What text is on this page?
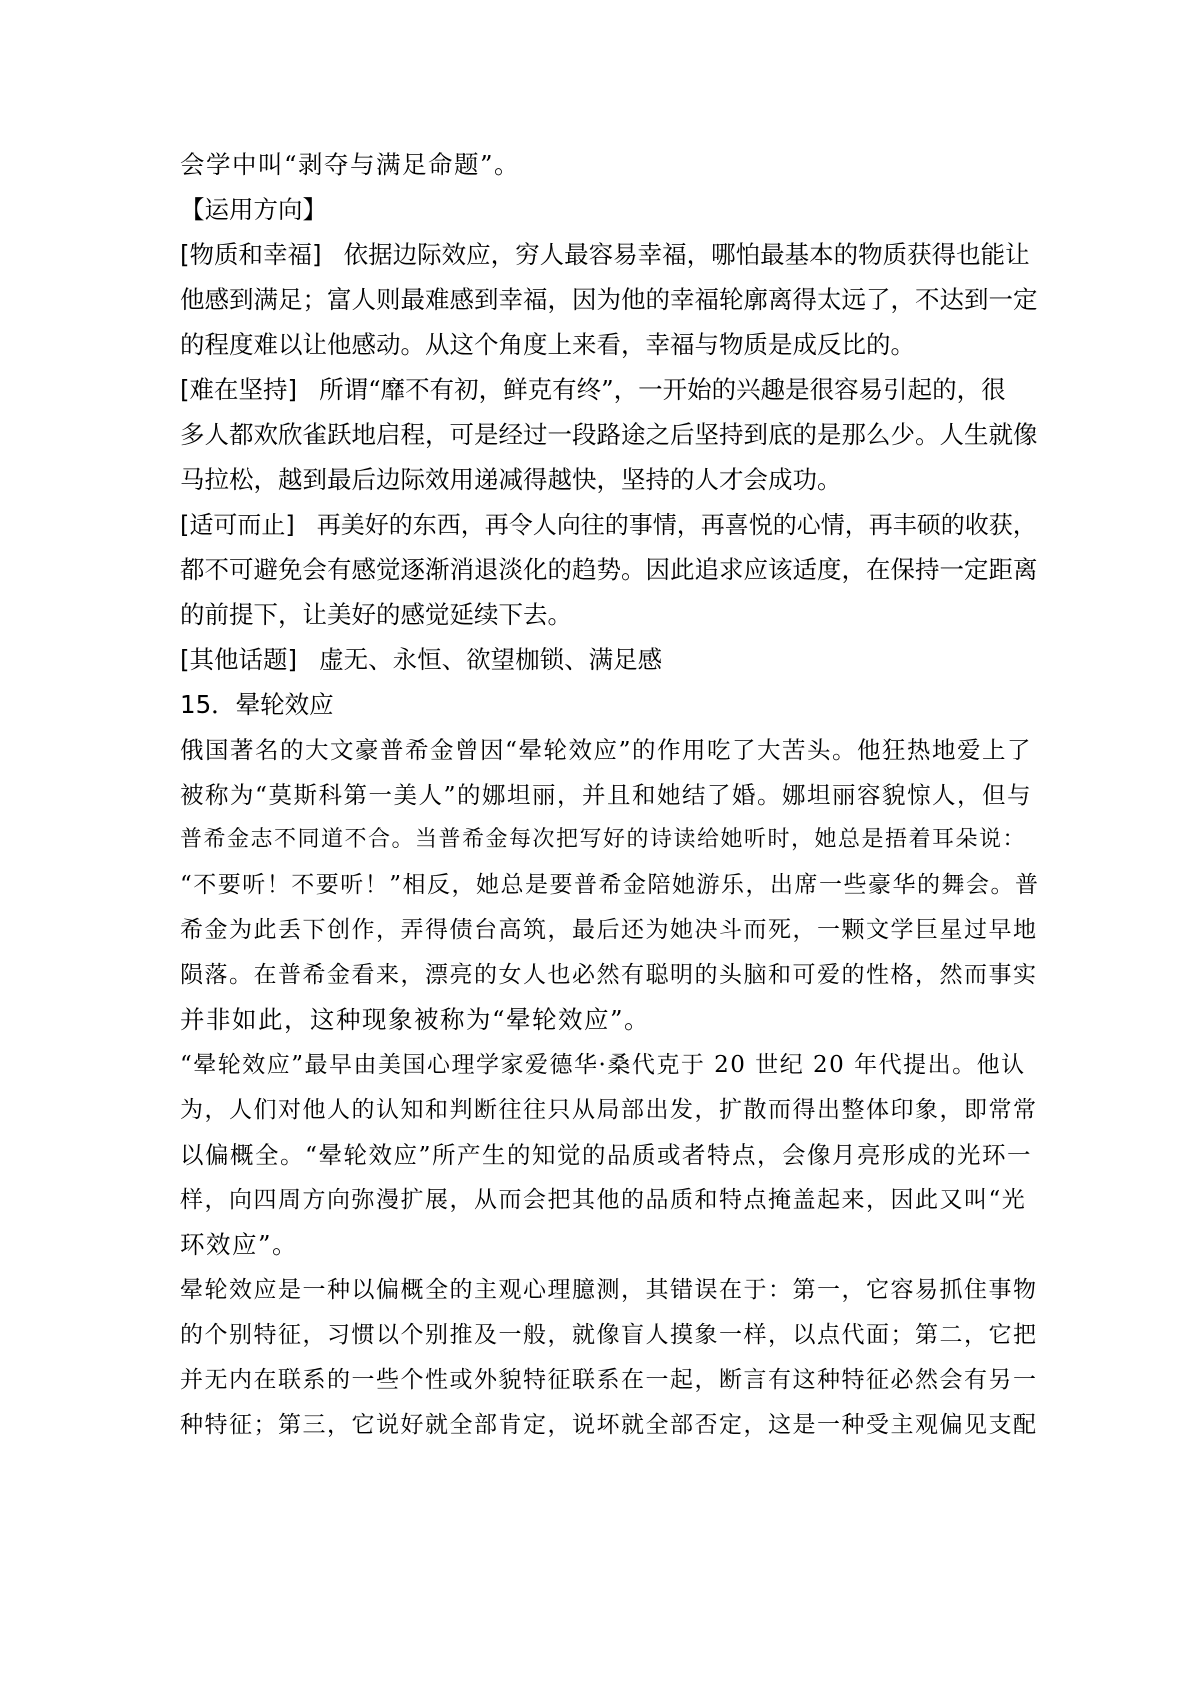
会学中叫“剥夺与满足命题”。
【运用方向】
[物质和幸福] 依据边际效应，穷人最容易幸福，哪怕最基本的物质获得也能让
他感到满足；富人则最难感到幸福，因为他的幸福轮廓离得太远了，不达到一定
的程度难以让他感动。从这个角度上来看，幸福与物质是成反比的。
[难在坚持] 所谓“靡不有初，鲜克有终”，一开始的兴趣是很容易引起的，很
多人都欢欣雀跃地启程，可是经过一段路途之后坚持到底的是那么少。人生就像
马拉松，越到最后边际效用递减得越快，坚持的人才会成功。
[适可而止] 再美好的东西，再令人向往的事情，再喜悦的心情，再丰硕的收获，
都不可避免会有感觉逐渐消退淡化的趋势。因此追求应该适度，在保持一定距离
的前提下，让美好的感觉延续下去。
[其他话题] 虚无、永恒、欲望枷锁、满足感
15．晕轮效应
俄国著名的大文豪普希金曾因“晕轮效应”的作用吃了大苦头。他狂热地爱上了
被称为“莫斯科第一美人”的娜坦丽，并且和她结了婚。娜坦丽容貌惊人，但与
普希金志不同道不合。当普希金每次把写好的诗读给她听时，她总是捂着耳朵说：
“不要听！不要听！”相反，她总是要普希金陪她游乐，出席一些豪华的舞会。普
希金为此丢下创作，弄得债台高筑，最后还为她决斗而死，一颗文学巨星过早地
陨落。在普希金看来，漂亮的女人也必然有聪明的头脑和可爱的性格，然而事实
并非如此，这种现象被称为“晕轮效应”。
“晕轮效应”最早由美国心理学家爱德华·桑代克于 20 世纪 20 年代提出。他认
为，人们对他人的认知和判断往往只从局部出发，扩散而得出整体印象，即常常
以偏概全。“晕轮效应”所产生的知觉的品质或者特点，会像月亮形成的光环一
样，向四周方向弥漫扩展，从而会把其他的品质和特点掩盖起来，因此又叫“光
环效应”。
晕轮效应是一种以偏概全的主观心理臆测，其错误在于：第一，它容易抓住事物
的个别特征，习惯以个别推及一般，就像盲人摸象一样，以点代面；第二，它把
并无内在联系的一些个性或外貌特征联系在一起，断言有这种特征必然会有另一
种特征；第三，它说好就全部肯定，说坏就全部否定，这是一种受主观偏见支配
